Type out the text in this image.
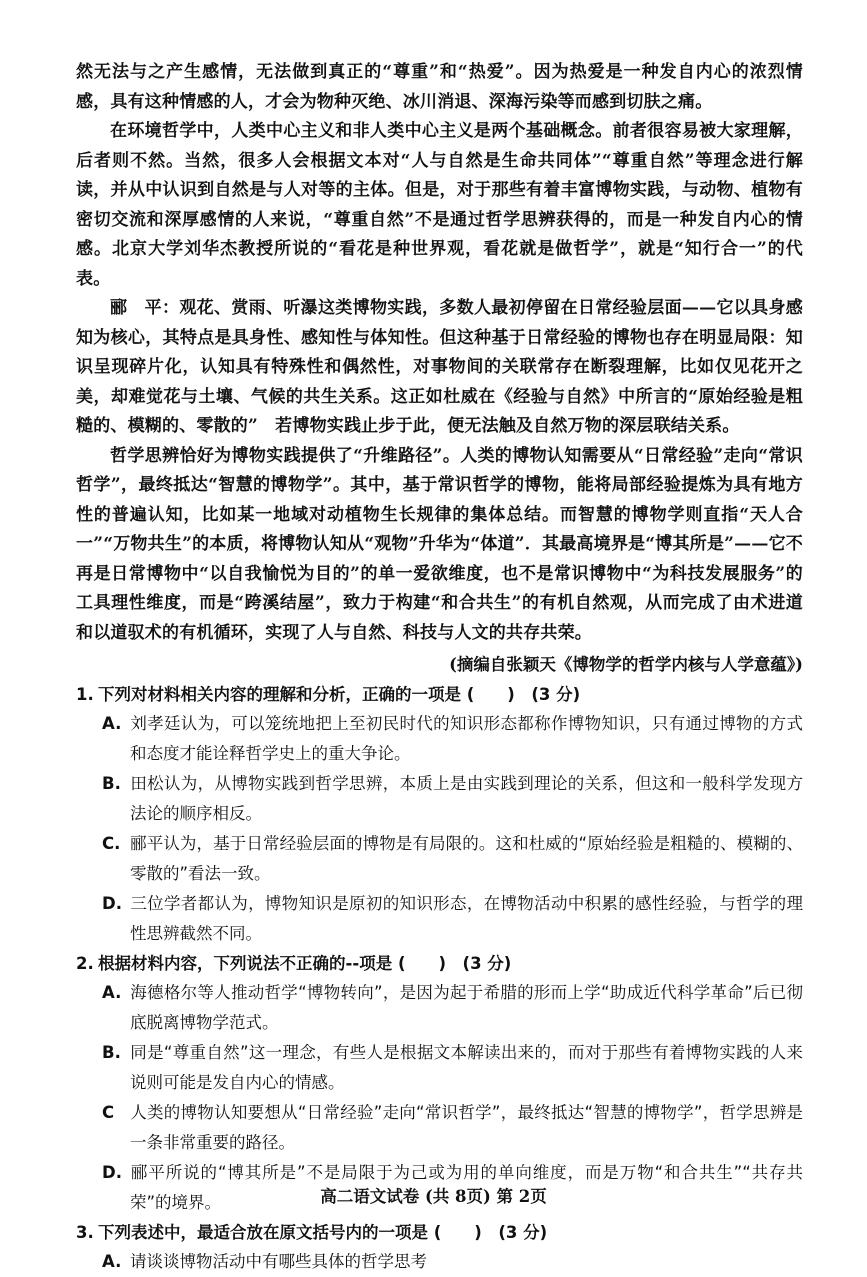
然无法与之产生感情，无法做到真正的“尊重”和“热爱”。因为热爱是一种发自内心的浓烈情感，具有这种情感的人，才会为物种灭绝、冰川消退、深海污染等而感到切肤之痛。

在环境哲学中，人类中心主义和非人类中心主义是两个基础概念。前者很容易被大家理解，后者则不然。当然，很多人会根据文本对“人与自然是生命共同体”“尊重自然”等理念进行解读，并从中认识到自然是与人对等的主体。但是，对于那些有着丰富博物实践，与动物、植物有密切交流和深厚感情的人来说，“尊重自然”不是通过哲学思辨获得的，而是一种发自内心的情感。北京大学刘华杰教授所说的“看花是种世界观，看花就是做哲学”，就是“知行合一”的代表。

郦　平：观花、赏雨、听瀑这类博物实践，多数人最初停留在日常经验层面——它以具身感知为核心，其特点是具身性、感知性与体知性。但这种基于日常经验的博物也存在明显局限：知识呈现碎片化，认知具有特殊性和偶然性，对事物间的关联常存在断裂理解，比如仅见花开之美，却难觉花与土壤、气候的共生关系。这正如杜威在《经验与自然》中所言的“原始经验是粗糙的、模糊的、零散的”　若博物实践止步于此，便无法触及自然万物的深层联结关系。

哲学思辨恰好为博物实践提供了“升维路径”。人类的博物认知需要从“日常经验”走向“常识哲学”，最终抵达“智慧的博物学”。其中，基于常识哲学的博物，能将局部经验提炼为具有地方性的普遍认知，比如某一地域对动植物生长规律的集体总结。而智慧的博物学则直指“天人合一”“万物共生”的本质，将博物认知从“观物”升华为“体道”．其最高境界是“博其所是”——它不再是日常博物中“以自我愉悦为目的”的单一爱欲维度，也不是常识博物中“为科技发展服务”的工具理性维度，而是“跨溪结屋”，致力于构建“和合共生”的有机自然观，从而完成了由术进道和以道驭术的有机循环，实现了人与自然、科技与人文的共存共荣。

(摘编自张颖天《博物学的哲学内核与人学意蕴》)

1. 下列对材料相关内容的理解和分析，正确的一项是 (　　)　(3 分)

A. 刘孝廷认为，可以笼统地把上至初民时代的知识形态都称作博物知识，只有通过博物的方式和态度才能诠释哲学史上的重大争论。

B. 田松认为，从博物实践到哲学思辨，本质上是由实践到理论的关系，但这和一般科学发现方法论的顺序相反。

C. 郦平认为，基于日常经验层面的博物是有局限的。这和杜威的“原始经验是粗糙的、模糊的、零散的”看法一致。

D. 三位学者都认为，博物知识是原初的知识形态，在博物活动中积累的感性经验，与哲学的理性思辨截然不同。

2. 根据材料内容，下列说法不正确的--项是 (　　)　(3 分)

A. 海德格尔等人推动哲学“博物转向”，是因为起于希腊的形而上学“助成近代科学革命”后已彻底脱离博物学范式。

B. 同是“尊重自然”这一理念，有些人是根据文本解读出来的，而对于那些有着博物实践的人来说则可能是发自内心的情感。

C 人类的博物认知要想从“日常经验”走向“常识哲学”，最终抵达“智慧的博物学”，哲学思辨是一条非常重要的路径。

D. 郦平所说的“博其所是”不是局限于为己或为用的单向维度，而是万物“和合共生”“共存共荣”的境界。

3. 下列表述中，最适合放在原文括号内的一项是 (　　)　(3 分)

A. 请谈谈博物活动中有哪些具体的哲学思考

高二语文试卷 (共 8页) 第 2页
